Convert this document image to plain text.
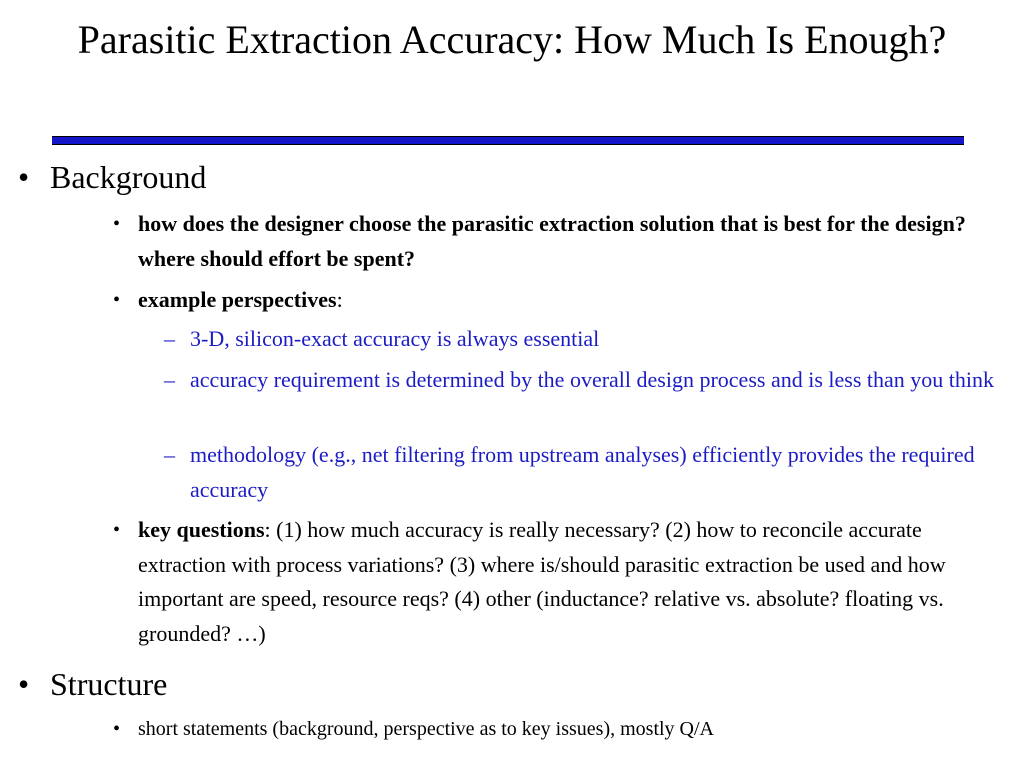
Parasitic Extraction Accuracy: How Much Is Enough?
• Background
• how does the designer choose the parasitic extraction solution that is best for the design? where should effort be spent?
• example perspectives:
– 3-D, silicon-exact accuracy is always essential
– accuracy requirement is determined by the overall design process and is less than you think
– methodology (e.g., net filtering from upstream analyses) efficiently provides the required accuracy
• key questions: (1) how much accuracy is really necessary? (2) how to reconcile accurate extraction with process variations? (3) where is/should parasitic extraction be used and how important are speed, resource reqs? (4) other (inductance? relative vs. absolute? floating vs. grounded? …)
• Structure
• short statements (background, perspective as to key issues), mostly Q/A
